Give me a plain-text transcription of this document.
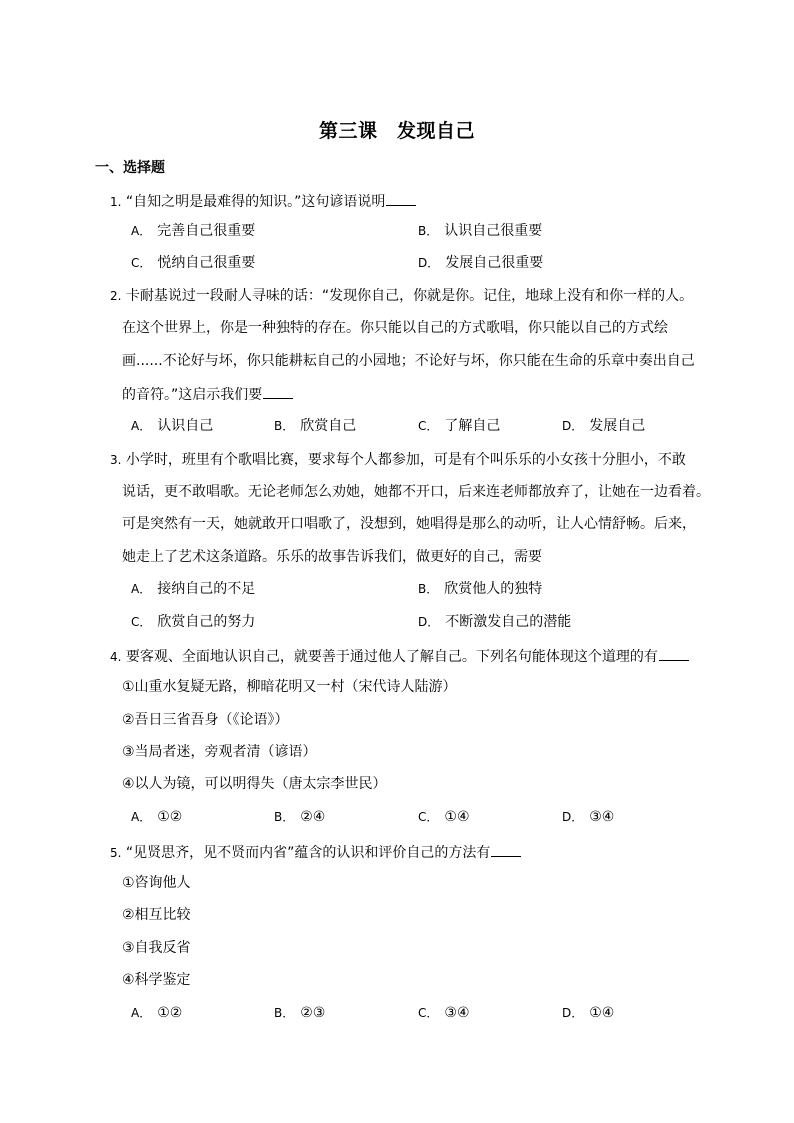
第三课　发现自己
一、选择题
1. “自知之明是最难得的知识。”这句谚语说明
A． 完善自己很重要	B． 认识自己很重要
C． 悦纳自己很重要	D． 发展自己很重要
2. 卡耐基说过一段耐人寻味的话：“发现你自己，你就是你。记住，地球上没有和你一样的人。
在这个世界上，你是一种独特的存在。你只能以自己的方式歌唱，你只能以自己的方式绘
画......不论好与坏，你只能耕耘自己的小园地；不论好与坏，你只能在生命的乐章中奏出自己
的音符。”这启示我们要
A． 认识自己	B． 欣赏自己	C． 了解自己	D． 发展自己
3. 小学时，班里有个歌唱比赛，要求每个人都参加，可是有个叫乐乐的小女孩十分胆小，不敢
说话，更不敢唱歌。无论老师怎么劝她，她都不开口，后来连老师都放弃了，让她在一边看着。
可是突然有一天，她就敢开口唱歌了，没想到，她唱得是那么的动听，让人心情舒畅。后来，
她走上了艺术这条道路。乐乐的故事告诉我们，做更好的自己，需要
A． 接纳自己的不足	B． 欣赏他人的独特
C． 欣赏自己的努力	D． 不断激发自己的潜能
4. 要客观、全面地认识自己，就要善于通过他人了解自己。下列名句能体现这个道理的有
①山重水复疑无路，柳暗花明又一村（宋代诗人陆游）
②吾日三省吾身（《论语》）
③当局者迷，旁观者清（谚语）
④以人为镜，可以明得失（唐太宗李世民）
A． ①②	B． ②④	C． ①④	D． ③④
5. “见贤思齐，见不贤而内省”蕴含的认识和评价自己的方法有
①咨询他人
②相互比较
③自我反省
④科学鉴定
A． ①②	B． ②③	C． ③④	D． ①④
